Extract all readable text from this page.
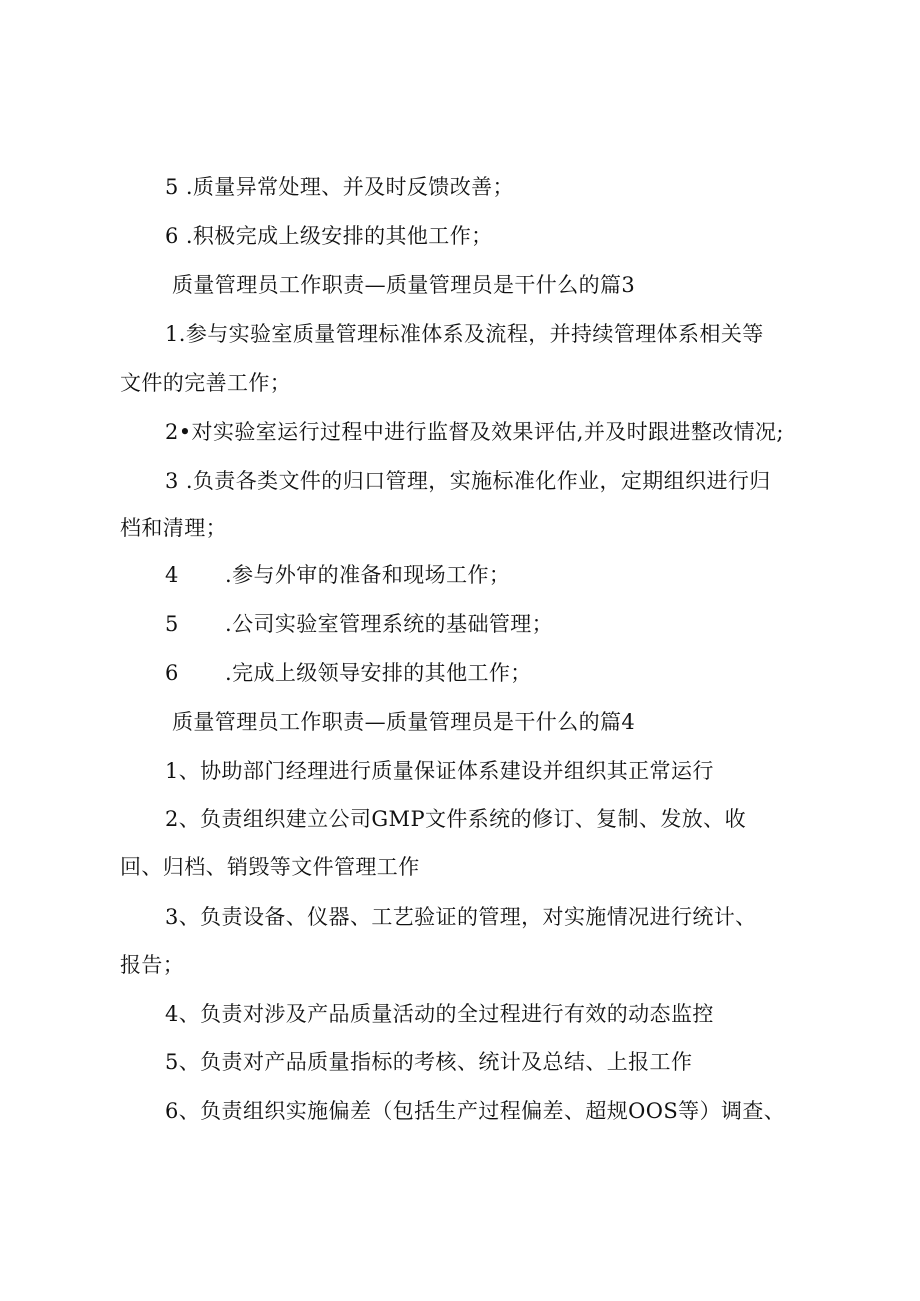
5 .质量异常处理、并及时反馈改善；
6 .积极完成上级安排的其他工作；
质量管理员工作职责—质量管理员是干什么的篇3
1.参与实验室质量管理标准体系及流程，并持续管理体系相关等
文件的完善工作；
2•对实验室运行过程中进行监督及效果评估,并及时跟进整改情况;
3 .负责各类文件的归口管理，实施标准化作业，定期组织进行归
档和清理；
4 .参与外审的准备和现场工作；
5 .公司实验室管理系统的基础管理；
6 .完成上级领导安排的其他工作；
质量管理员工作职责—质量管理员是干什么的篇4
1、协助部门经理进行质量保证体系建设并组织其正常运行
2、负责组织建立公司GMP文件系统的修订、复制、发放、收
回、归档、销毁等文件管理工作
3、负责设备、仪器、工艺验证的管理，对实施情况进行统计、
报告；
4、负责对涉及产品质量活动的全过程进行有效的动态监控
5、负责对产品质量指标的考核、统计及总结、上报工作
6、负责组织实施偏差（包括生产过程偏差、超规OOS等）调查、
